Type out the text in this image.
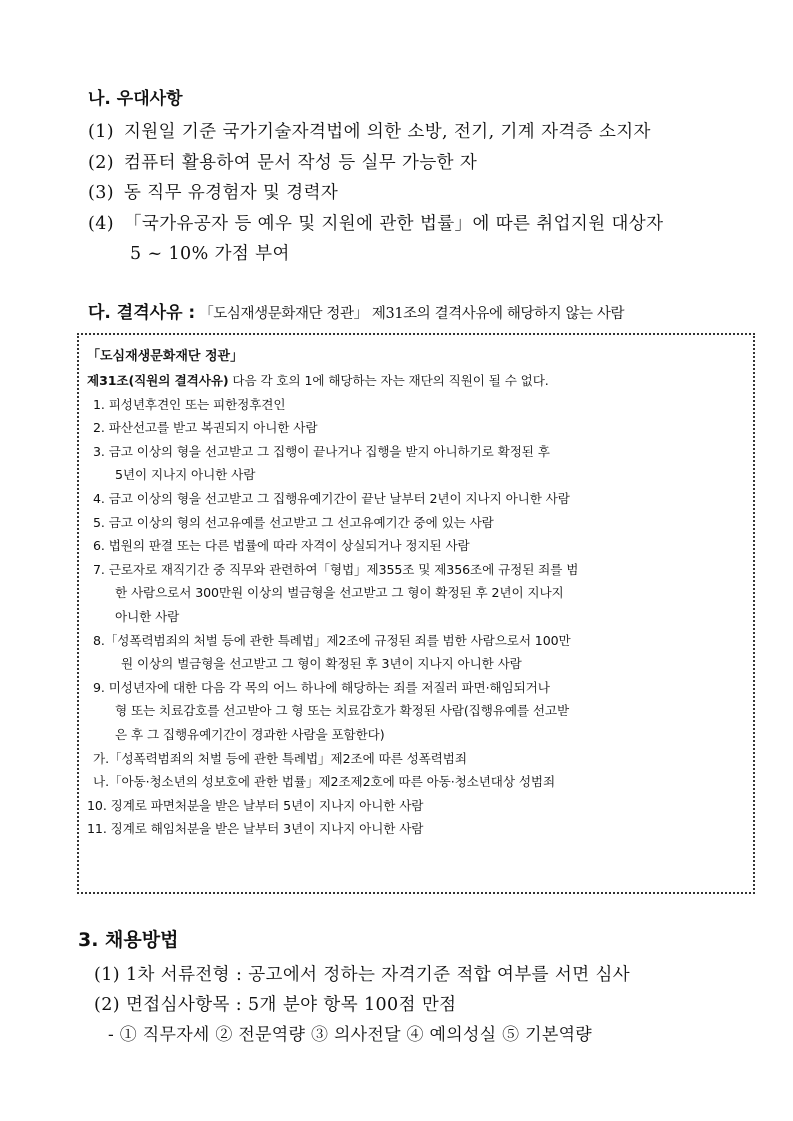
나. 우대사항
(1) 지원일 기준 국가기술자격법에 의한 소방, 전기, 기계 자격증 소지자
(2) 컴퓨터 활용하여 문서 작성 등 실무 가능한 자
(3) 동 직무 유경험자 및 경력자
(4) 「국가유공자 등 예우 및 지원에 관한 법률」에 따른 취업지원 대상자
5 ~ 10% 가점 부여
다. 결격사유 : 「도심재생문화재단 정관」 제31조의 결격사유에 해당하지 않는 사람
「도심재생문화재단 정관」
제31조(직원의 결격사유) 다음 각 호의 1에 해당하는 자는 재단의 직원이 될 수 없다.
1. 피성년후견인 또는 피한정후견인
2. 파산선고를 받고 복권되지 아니한 사람
3. 금고 이상의 형을 선고받고 그 집행이 끝나거나 집행을 받지 아니하기로 확정된 후
5년이 지나지 아니한 사람
4. 금고 이상의 형을 선고받고 그 집행유예기간이 끝난 날부터 2년이 지나지 아니한 사람
5. 금고 이상의 형의 선고유예를 선고받고 그 선고유예기간 중에 있는 사람
6. 법원의 판결 또는 다른 법률에 따라 자격이 상실되거나 정지된 사람
7. 근로자로 재직기간 중 직무와 관련하여「형법」제355조 및 제356조에 규정된 죄를 범
한 사람으로서 300만원 이상의 벌금형을 선고받고 그 형이 확정된 후 2년이 지나지
아니한 사람
8.「성폭력범죄의 처벌 등에 관한 특례법」제2조에 규정된 죄를 범한 사람으로서 100만
원 이상의 벌금형을 선고받고 그 형이 확정된 후 3년이 지나지 아니한 사람
9. 미성년자에 대한 다음 각 목의 어느 하나에 해당하는 죄를 저질러 파면·해임되거나
형 또는 치료감호를 선고받아 그 형 또는 치료감호가 확정된 사람(집행유예를 선고받
은 후 그 집행유예기간이 경과한 사람을 포함한다)
가.「성폭력범죄의 처벌 등에 관한 특례법」제2조에 따른 성폭력범죄
나.「아동·청소년의 성보호에 관한 법률」제2조제2호에 따른 아동·청소년대상 성범죄
10. 징계로 파면처분을 받은 날부터 5년이 지나지 아니한 사람
11. 징계로 해임처분을 받은 날부터 3년이 지나지 아니한 사람
3. 채용방법
(1) 1차 서류전형 : 공고에서 정하는 자격기준 적합 여부를 서면 심사
(2) 면접심사항목 : 5개 분야 항목 100점 만점
- ① 직무자세 ② 전문역량 ③ 의사전달 ④ 예의성실 ⑤ 기본역량
